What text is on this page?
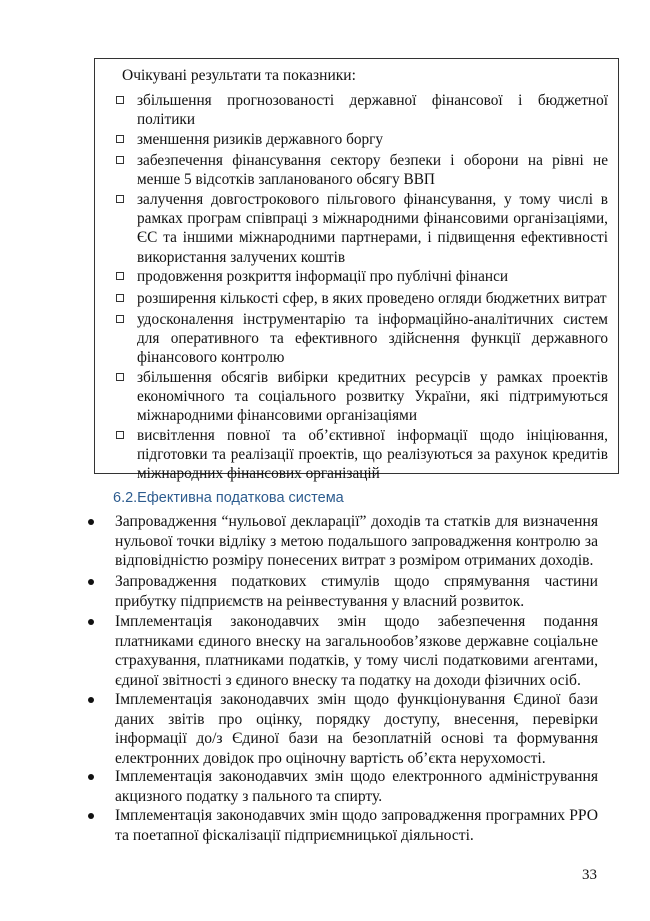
Очікувані результати та показники:
збільшення прогнозованості державної фінансової і бюджетної політики
зменшення ризиків державного боргу
забезпечення фінансування сектору безпеки і оборони на рівні не менше 5 відсотків запланованого обсягу ВВП
залучення довгострокового пільгового фінансування, у тому числі в рамках програм співпраці з міжнародними фінансовими організаціями, ЄС та іншими міжнародними партнерами, і підвищення ефективності використання залучених коштів
продовження розкриття інформації про публічні фінанси
розширення кількості сфер, в яких проведено огляди бюджетних витрат
удосконалення інструментарію та інформаційно-аналітичних систем для оперативного та ефективного здійснення функції державного фінансового контролю
збільшення обсягів вибірки кредитних ресурсів у рамках проектів економічного та соціального розвитку України, які підтримуються міжнародними фінансовими організаціями
висвітлення повної та об’єктивної інформації щодо ініціювання, підготовки та реалізації проектів, що реалізуються за рахунок кредитів міжнародних фінансових організацій
6.2.Ефективна податкова система
Запровадження “нульової декларації” доходів та статків для визначення нульової точки відліку з метою подальшого запровадження контролю за відповідністю розміру понесених витрат з розміром отриманих доходів.
Запровадження податкових стимулів щодо спрямування частини прибутку підприємств на реінвестування у власний розвиток.
Імплементація законодавчих змін щодо забезпечення подання платниками єдиного внеску на загальнообов’язкове державне соціальне страхування, платниками податків, у тому числі податковими агентами, єдиної звітності з єдиного внеску та податку на доходи фізичних осіб.
Імплементація законодавчих змін щодо функціонування Єдиної бази даних звітів про оцінку, порядку доступу, внесення, перевірки інформації до/з Єдиної бази на безоплатній основі та формування електронних довідок про оціночну вартість об’єкта нерухомості.
Імплементація законодавчих змін щодо електронного адміністрування акцизного податку з пального та спирту.
Імплементація законодавчих змін щодо запровадження програмних РРО та поетапної фіскалізації підприємницької діяльності.
33
